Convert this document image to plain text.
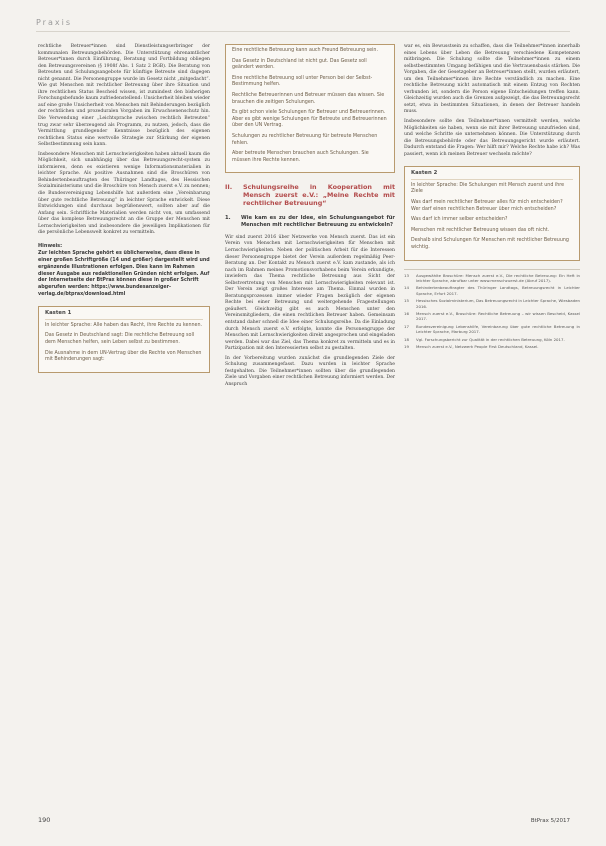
Praxis

rechtliche Betreuer*innen sind Dienstleistungserbringer der kommunalen Betreuungsbehörden. Die Unterstützung ehrenamtlicher Betreuer*innen durch Einführung, Beratung und Fortbildung obliegen den Betreuungsvereinen (§ 1908f Abs. 1 Satz 2 BGB). Die Beratung von Betreuten und Schulungsangebote für künftige Betreute sind dagegen nicht genannt. Die Personengruppe wurde im Gesetz nicht „mitgedacht“. Wie gut Menschen mit rechtlicher Betreuung über ihre Situation und ihre rechtlichen Status Bescheid wissen, ist zumindest den bisherigen Forschungsbefunde kaum zufriedenstellend: Unsicherheit bleiben wieder auf eine große Unsicherheit von Menschen mit Behinderungen bezüglich der rechtlichen und prozeduralen Vorgaben im Erwachsenenschutz hin. Die Verwendung einer „Leichtsprache zwischen rechtlich Betreuten“ trug zwar sehr überzeugend als Programm, zu nutzen, jedoch, dass die Vermittlung grundlegender Kenntnisse bezüglich des eigenen rechtlichen Status eine wertvolle Strategie zur Stärkung der eigenen Selbstbestimmung sein kann.

Insbesondere Menschen mit Lernschwierigkeiten haben aktuell kaum die Möglichkeit, sich unabhängig über das Betreuungsrecht-system zu informieren, denn es existieren wenige Informationsmaterialien in leichter Sprache. Als positive Ausnahmen sind die Broschüren von Behindertenbeauftragten des Thüringer Landtages, des Hessischen Sozialministeriums und die Broschüre von Mensch zuerst e.V. zu nennen; die Bundesvereinigung Lebenshilfe hat außerdem eine „Vereinbarung über gute rechtliche Betreuung“ in leichter Sprache entwickelt. Diese Entwicklungen sind durchaus begrüßenswert, sollten aber auf die Anfang sein. Schriftliche Materialien werden nicht von, um umfassend über das komplexe Betreuungsrecht an die Gruppe der Menschen mit Lernschwierigkeiten und insbesondere die jeweiligen Implikationen für die persönliche Lebenswelt konkret zu vermitteln.

Hinweis:
Zur leichten Sprache gehört es üblicherweise, dass diese in einer großen Schriftgröße (14 und größer) dargestellt wird und ergänzende Illustrationen erfolgen. Dies kann im Rahmen dieser Ausgabe aus redaktionellen Gründen nicht erfolgen. Auf der Internetseite der BtPrax können diese in großer Schrift abgerufen werden: https://www.bundesanzeiger-verlag.de/btprax/download.html
Kasten 1

In leichter Sprache: Alle haben das Recht, ihre Rechte zu kennen.

Das Gesetz in Deutschland sagt: Die rechtliche Betreuung soll dem Menschen helfen, sein Leben selbst zu bestimmen.

Die Ausnahme in dem UN-Vertrag über die Rechte von Menschen mit Behinderungen sagt:

Eine rechtliche Betreuung kann auch Freund Betreuung sein.

Das Gesetz in Deutschland ist nicht gut. Das Gesetz soll geändert werden.

Eine rechtliche Betreuung soll unter Person bei der Selbst-Bestimmung helfen.

Rechtliche Betreuerinnen und Betreuer müssen das wissen. Sie brauchen die zeitigen Schulungen.

Es gibt schon viele Schulungen für Betreuer und Betreuerinnen. Aber es gibt wenige Schulungen für Betreute und Betreuerinnen über den UN Vertrag.

Schulungen zu rechtlicher Betreuung für betreute Menschen fehlen.

Aber betreute Menschen brauchen auch Schulungen. Sie müssen ihre Rechte kennen.

II.	Schulungsreihe in Kooperation mit Mensch zuerst e.V.: „Meine Rechte mit rechtlicher Betreuung“
1.	Wie kam es zu der Idee, ein Schulungsangebot für Menschen mit rechtlicher Betreuung zu entwickeln?

Wir sind zuerst 2016 über Netzwerke von Mensch zuerst. Das ist ein Verein von Menschen mit Lernschwierigkeiten für Menschen mit Lernschwierigkeiten. Neben der politischen Arbeit für die Interessen dieser Personengruppe bietet der Verein außerdem regelmäßig Peer-Beratung an. Der Kontakt zu Mensch zuerst e.V. kam zustande, als ich nach im Rahmen meines Promotionsvorhabens beim Verein erkundigte, inwiefern das Thema rechtliche Betreuung aus Sicht der Selbstvertretung von Menschen mit Lernschwierigkeiten relevant ist. Der Verein zeigt großes Interesse am Thema. Einmal wurden in Beratungsprozessen immer wieder Fragen bezüglich der eigenen Rechte bei einer Betreuung und weitergehende Fragestellungen geäußert. Gleichzeitig gibt es auch Menschen unter den Vereinsmitgliedern, die einen rechtlichen Betreuer haben. Gemeinsam entstand daher schnell die Idee einer Schulungsreihe. Da die Einladung durch Mensch zuerst e.V. erfolgte, konnte die Personengruppe der Menschen mit Lernschwierigkeiten direkt angesprochen und eingeladen werden. Dabei war das Ziel, das Thema konkret zu vermitteln und es in Partizipation mit den Interessierten selbst zu gestalten.

In der Vorbereitung wurden zunächst die grundlegenden Ziele der Schulung zusammengefasst. Dazu wurden in leichter Sprache festgehalten. Die Teilnehmer*innen sollten über die grundlegenden Ziele und Vorgaben einer rechtlichen Betreuung informiert werden. Der Anspruch

war es, ein Bewusstsein zu schaffen, dass die Teilnehmer*innen innerhalb eines Lebens über Leben die Betreuung verschiedene Kompetenzen mitbringen. Die Schulung sollte die Teilnehmer*innen zu einem selbstbestimmten Umgang befähigen und die Vertrauensbasis stärken. Die Vorgaben, die der Gesetzgeber an Betreuer*innen stellt, wurden erläutert, um den Teilnehmer*innen ihre Rechte verständlich zu machen. Eine rechtliche Betreuung nicht automatisch mit einem Entzug von Rechten verbunden ist, sondern die Person eigene Entscheidungen treffen kann. Gleichzeitig wurden auch die Grenzen aufgezeigt, die das Betreuungsrecht setzt, etwa in bestimmten Situationen, in denen der Betreuer handeln muss.

Insbesondere sollte den Teilnehmer*innen vermittelt werden, welche Möglichkeiten sie haben, wenn sie mit ihrer Betreuung unzufrieden sind, und welche Schritte sie unternehmen können. Die Unterstützung durch die Betreuungsbehörde oder das Betreuungsgericht wurde erläutert. Dadurch entstand die Fragen: Wer hilft mir? Welche Rechte habe ich? Was passiert, wenn ich meinen Betreuer wechseln möchte?

Kasten 2

In leichter Sprache: Die Schulungen mit Mensch zuerst und ihre Ziele

Was darf mein rechtlicher Betreuer alles für mich entscheiden? Wer darf einen rechtlichen Betreuer über mich entscheiden?

Was darf ich immer selber entscheiden?

Menschen mit rechtlicher Betreuung wissen das oft nicht.

Deshalb sind Schulungen für Menschen mit rechtlicher Betreuung wichtig.

13	Ausgewählte Broschüre: Mensch zuerst e.V., Die rechtliche Betreuung: Ein Heft in leichter Sprache, abrufbar unter www.menschzuerst.de (Abruf 2017).
14	Behindertenbeauftragter des Thüringer Landtags, Betreuungsrecht in Leichter Sprache, Erfurt 2017.
15	Hessisches Sozialministerium, Das Betreuungsrecht in Leichter Sprache, Wiesbaden 2016.
16	Mensch zuerst e.V., Broschüre: Rechtliche Betreuung – wir wissen Bescheid, Kassel 2017.
17	Bundesvereinigung Lebenshilfe, Vereinbarung über gute rechtliche Betreuung in Leichter Sprache, Marburg 2017.
18	Vgl. Forschungsbericht zur Qualität in der rechtlichen Betreuung, Köln 2017.
19	Mensch zuerst e.V., Netzwerk People First Deutschland, Kassel.
190	BtPrax 5/2017
